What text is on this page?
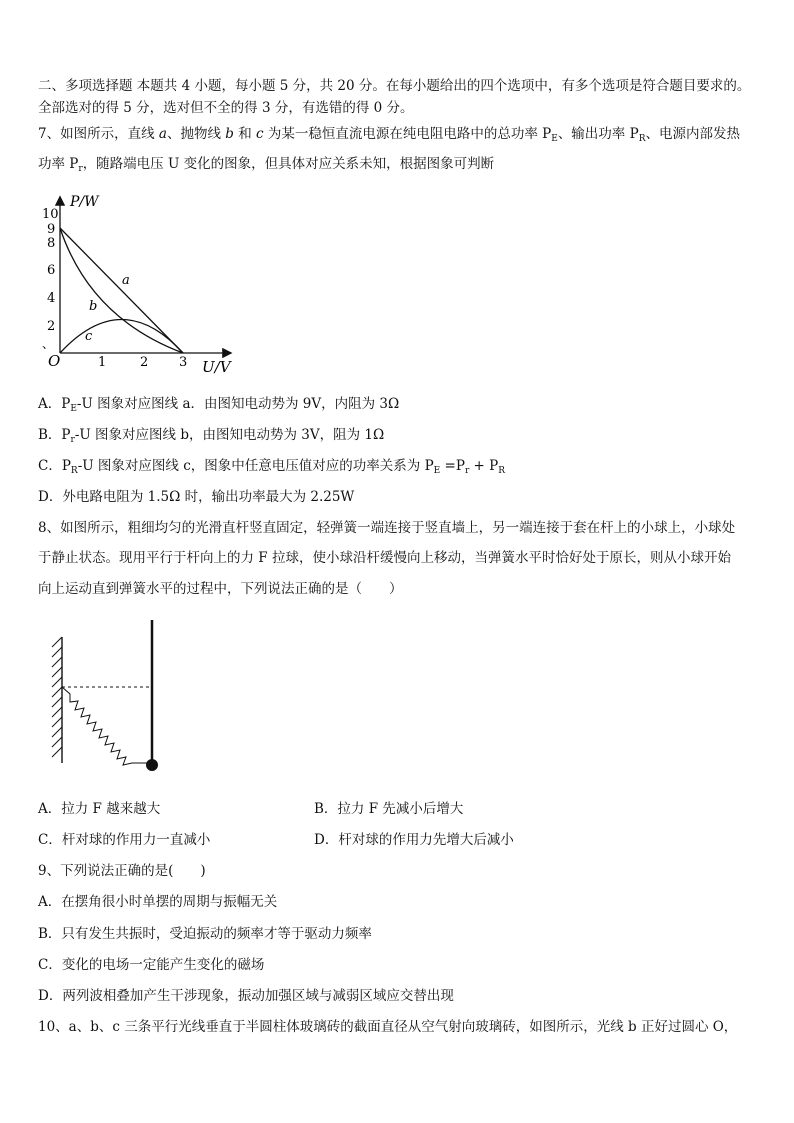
二、多项选择题 本题共 4 小题，每小题 5 分，共 20 分。在每小题给出的四个选项中，有多个选项是符合题目要求的。
全部选对的得 5 分，选对但不全的得 3 分，有选错的得 0 分。
7、如图所示，直线 a、抛物线 b 和 c 为某一稳恒直流电源在纯电阻电路中的总功率 $P_E$、输出功率 $P_R$、电源内部发热
功率 $P_r$，随路端电压 U 变化的图象，但具体对应关系未知，根据图象可判断
P/W
U/V
O
10
9
8
6
4
2
、
1	2 3
a
b
c
A．$P_E-U$ 图象对应图线 a．由图知电动势为 9V，内阻为 3Ω
B．$P_r-U$ 图象对应图线 b，由图知电动势为 3V，阻为 1Ω
C．$P_R-U$ 图象对应图线 c，图象中任意电压值对应的功率关系为 $P_E =P_r + P_R$
D．外电路电阻为 1.5Ω 时，输出功率最大为 2.25W
8、如图所示，粗细均匀的光滑直杆竖直固定，轻弹簧一端连接于竖直墙上，另一端连接于套在杆上的小球上，小球处
于静止状态。现用平行于杆向上的力 F 拉球，使小球沿杆缓慢向上移动，当弹簧水平时恰好处于原长，则从小球开始
向上运动直到弹簧水平的过程中，下列说法正确的是（　　）
A．拉力 F 越来越大	B．拉力 F 先减小后增大
C．杆对球的作用力一直减小	D．杆对球的作用力先增大后减小
9、下列说法正确的是(　　)
A．在摆角很小时单摆的周期与振幅无关
B．只有发生共振时，受迫振动的频率才等于驱动力频率
C．变化的电场一定能产生变化的磁场
D．两列波相叠加产生干涉现象，振动加强区域与减弱区域应交替出现
10、a、b、c 三条平行光线垂直于半圆柱体玻璃砖的截面直径从空气射向玻璃砖，如图所示，光线 b 正好过圆心 O，
